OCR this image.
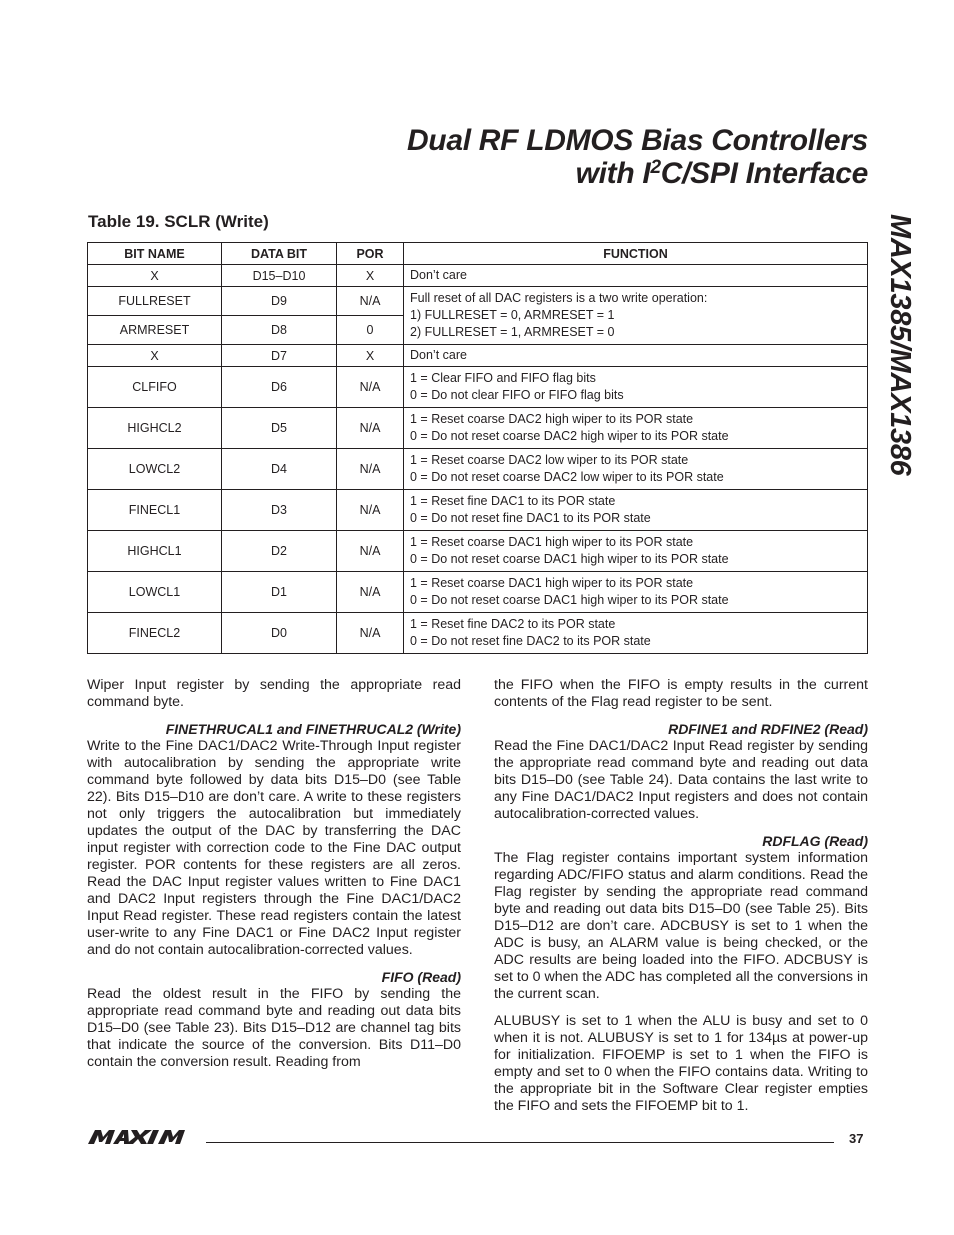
Dual RF LDMOS Bias Controllers
with $I^2C$/SPI Interface
MAX1385/MAX1386
Table 19. SCLR (Write)
BIT NAME	DATA BIT	POR	FUNCTION
X	D15–D10	X	Don’t care

FULLRESET	D9	N/A	Full reset of all DAC registers is a two write operation:
1) FULLRESET = 0, ARMRESET = 1
2) FULLRESET = 1, ARMRESET = 0

ARMRESET	D8	0	
X	D7	X	Don’t care

CLFIFO	D6	N/A	1 = Clear FIFO and FIFO flag bits
0 = Do not clear FIFO or FIFO flag bits

HIGHCL2	D5	N/A	1 = Reset coarse DAC2 high wiper to its POR state
0 = Do not reset coarse DAC2 high wiper to its POR state

LOWCL2	D4	N/A	1 = Reset coarse DAC2 low wiper to its POR state
0 = Do not reset coarse DAC2 low wiper to its POR state

FINECL1	D3	N/A	1 = Reset fine DAC1 to its POR state
0 = Do not reset fine DAC1 to its POR state

HIGHCL1	D2	N/A	1 = Reset coarse DAC1 high wiper to its POR state
0 = Do not reset coarse DAC1 high wiper to its POR state

LOWCL1	D1	N/A	1 = Reset coarse DAC1 high wiper to its POR state
0 = Do not reset coarse DAC1 high wiper to its POR state

FINECL2	D0	N/A	1 = Reset fine DAC2 to its POR state
0 = Do not reset fine DAC2 to its POR state

Wiper Input register by sending the appropriate read command byte.

FINETHRUCAL1 and FINETHRUCAL2 (Write)

Write to the Fine DAC1/DAC2 Write-Through Input register with autocalibration by sending the appropriate write command byte followed by data bits D15–D0 (see Table 22). Bits D15–D10 are don’t care. A write to these registers not only triggers the autocalibration but immediately updates the output of the DAC by transferring the DAC input register with correction code to the Fine DAC output register. POR contents for these registers are all zeros. Read the DAC Input register values written to Fine DAC1 and DAC2 Input registers through the Fine DAC1/DAC2 Input Read register. These read registers contain the latest user-write to any Fine DAC1 or Fine DAC2 Input register and do not contain autocalibration-corrected values.

FIFO (Read)

Read the oldest result in the FIFO by sending the appropriate read command byte and reading out data bits D15–D0 (see Table 23). Bits D15–D12 are channel tag bits that indicate the source of the conversion. Bits D11–D0 contain the conversion result. Reading from

the FIFO when the FIFO is empty results in the current contents of the Flag read register to be sent.

RDFINE1 and RDFINE2 (Read)

Read the Fine DAC1/DAC2 Input Read register by sending the appropriate read command byte and reading out data bits D15–D0 (see Table 24). Data contains the last write to any Fine DAC1/DAC2 Input registers and does not contain autocalibration-corrected values.

RDFLAG (Read)

The Flag register contains important system information regarding ADC/FIFO status and alarm conditions. Read the Flag register by sending the appropriate read command byte and reading out data bits D15–D0 (see Table 25). Bits D15–D12 are don’t care. ADCBUSY is set to 1 when the ADC is busy, an ALARM value is being checked, or the ADC results are being loaded into the FIFO. ADCBUSY is set to 0 when the ADC has completed all the conversions in the current scan.

ALUBUSY is set to 1 when the ALU is busy and set to 0 when it is not. ALUBUSY is set to 1 for 134µs at power-up for initialization. FIFOEMP is set to 1 when the FIFO is empty and set to 0 when the FIFO contains data. Writing to the appropriate bit in the Software Clear register empties the FIFO and sets the FIFOEMP bit to 1.

37
